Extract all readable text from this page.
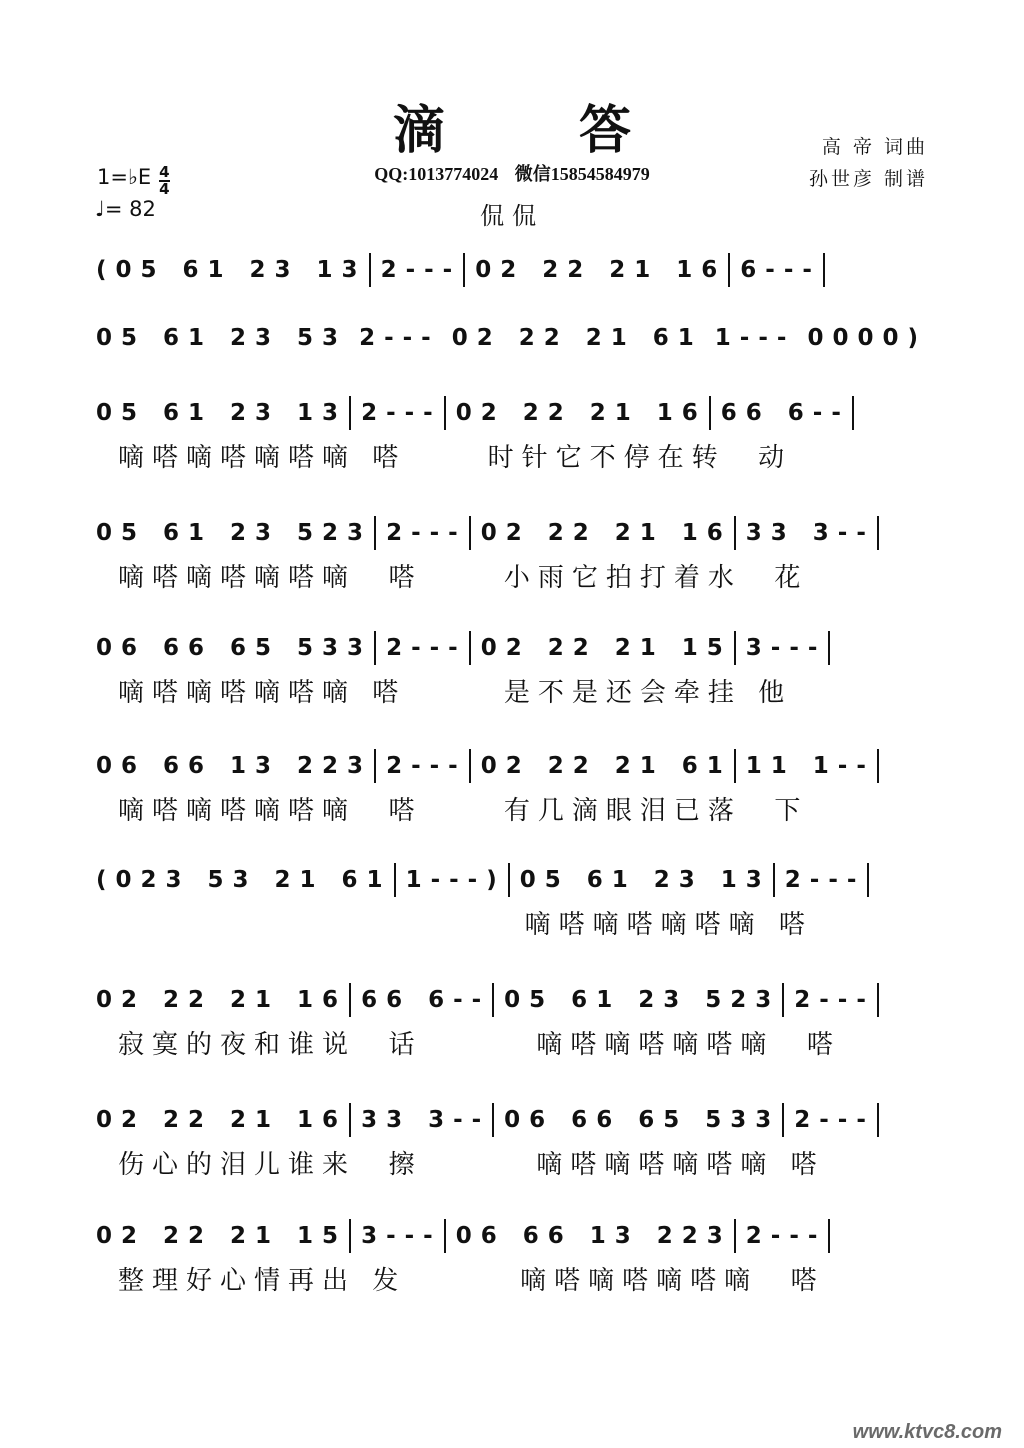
滴 答
QQ:1013774024 微信15854584979
高 帝 词曲
孙世彦 制谱
1=♭E $\frac{4}{4}$
♩= 82	侃侃
(05 61 23 13 2--- 02 22 21 16 6---
05 61 23 53 2--- 02 22 21 61 1--- 0000)
05 61 23 13 2--- 02 22 21 16 66 6--
嘀嗒嘀嗒嘀嗒嘀 嗒     时针它不停在转  动
05 61 23 523 2--- 02 22 21 16 33 3--
嘀嗒嘀嗒嘀嗒嘀  嗒     小雨它拍打着水  花
06 66 65 533 2--- 02 22 21 15 3---
嘀嗒嘀嗒嘀嗒嘀 嗒      是不是还会牵挂 他
06 66 13 223 2--- 02 22 21 61 11 1--
嘀嗒嘀嗒嘀嗒嘀  嗒     有几滴眼泪已落  下
(023 53 21 61 1---) 05 61 23 13 2---
嘀嗒嘀嗒嘀嗒嘀 嗒
02 22 21 16 66 6-- 05 61 23 523 2---
寂寞的夜和谁说  话       嘀嗒嘀嗒嘀嗒嘀  嗒
02 22 21 16 33 3-- 06 66 65 533 2---
伤心的泪儿谁来  擦       嘀嗒嘀嗒嘀嗒嘀 嗒
02 22 21 15 3--- 06 66 13 223 2---
整理好心情再出 发       嘀嗒嘀嗒嘀嗒嘀  嗒
www.ktvc8.com
